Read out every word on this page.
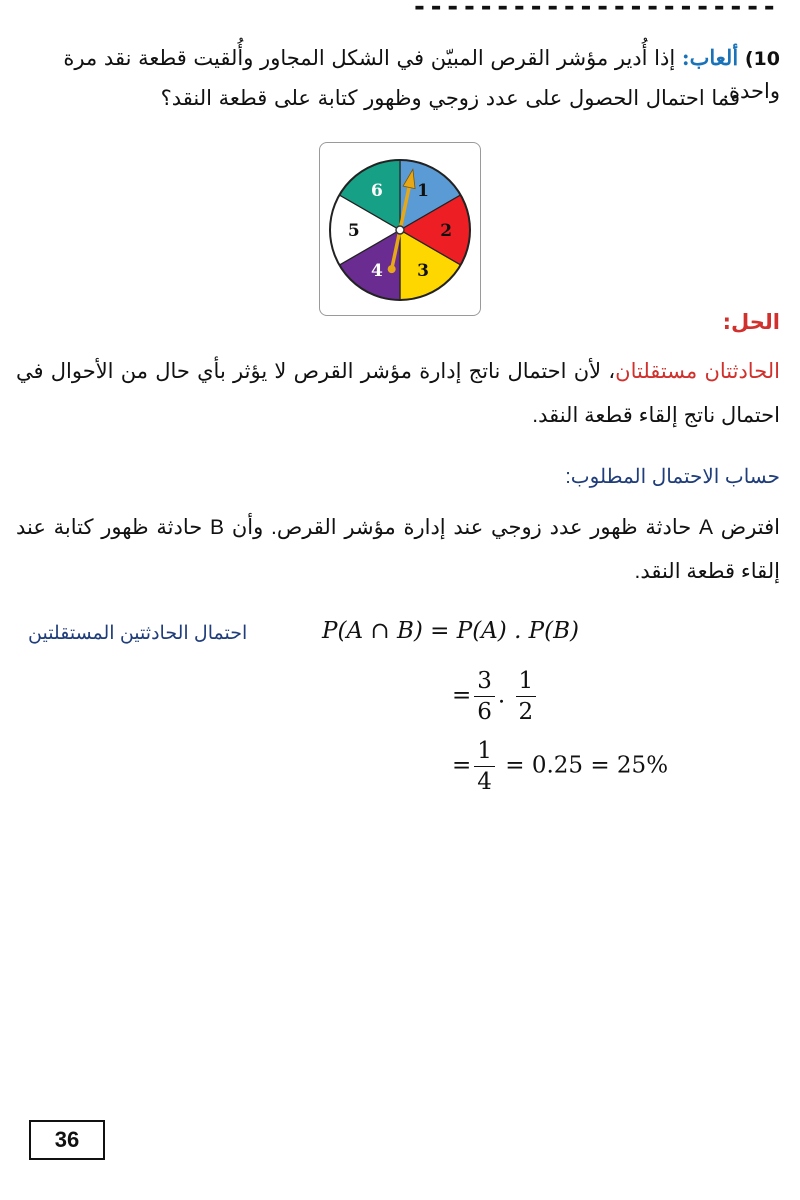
----------------------
10) ألعاب: إذا أُدير مؤشر القرص المبيّن في الشكل المجاور وأُلقيت قطعة نقد مرة واحدة.
فما احتمال الحصول على عدد زوجي وظهور كتابة على قطعة النقد؟
1
2
3
4
5
6
الحل:
الحادثتان مستقلتان، لأن احتمال ناتج إدارة مؤشر القرص لا يؤثر بأي حال من الأحوال في احتمال ناتج إلقاء قطعة النقد.
حساب الاحتمال المطلوب:
افترض A حادثة ظهور عدد زوجي عند إدارة مؤشر القرص. وأن B حادثة ظهور كتابة عند إلقاء قطعة النقد.
احتمال الحادثتين المستقلتين	P(A ∩ B) = P(A) . P(B)
= $\frac{3}{6}$ . $\frac{1}{2}$
= $\frac{1}{4} = 0.25 = 25\%$
36
